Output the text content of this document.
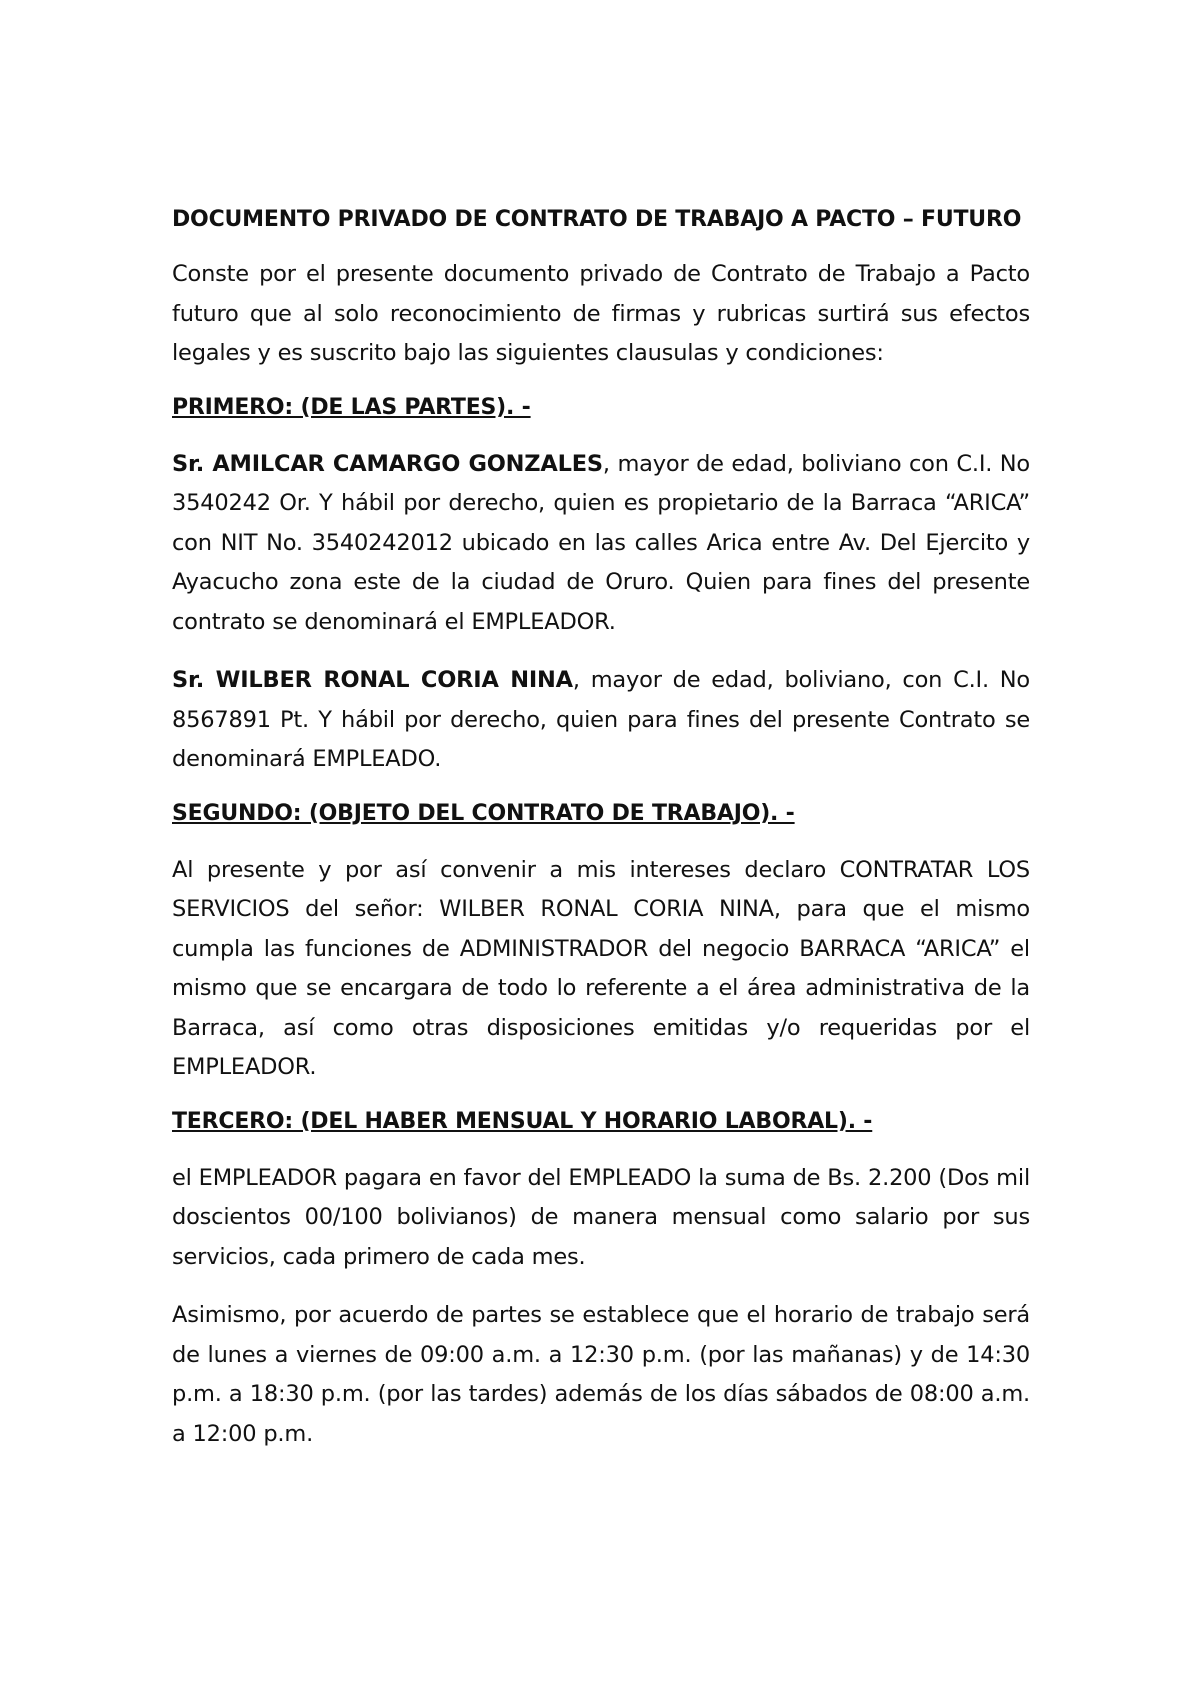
DOCUMENTO PRIVADO DE CONTRATO DE TRABAJO A PACTO – FUTURO

Conste por el presente documento privado de Contrato de Trabajo a Pacto futuro que al solo reconocimiento de firmas y rubricas surtirá sus efectos legales y es suscrito bajo las siguientes clausulas y condiciones:

PRIMERO: (DE LAS PARTES). -

Sr. AMILCAR CAMARGO GONZALES, mayor de edad, boliviano con C.I. No 3540242 Or. Y hábil por derecho, quien es propietario de la Barraca “ARICA” con NIT No. 3540242012 ubicado en las calles Arica entre Av. Del Ejercito y Ayacucho zona este de la ciudad de Oruro. Quien para fines del presente contrato se denominará el EMPLEADOR.

Sr. WILBER RONAL CORIA NINA, mayor de edad, boliviano, con C.I. No 8567891 Pt. Y hábil por derecho, quien para fines del presente Contrato se denominará EMPLEADO.

SEGUNDO: (OBJETO DEL CONTRATO DE TRABAJO). -

Al presente y por así convenir a mis intereses declaro CONTRATAR LOS SERVICIOS del señor: WILBER RONAL CORIA NINA, para que el mismo cumpla las funciones de ADMINISTRADOR del negocio BARRACA “ARICA” el mismo que se encargara de todo lo referente a el área administrativa de la Barraca, así como otras disposiciones emitidas y/o requeridas por el EMPLEADOR.

TERCERO: (DEL HABER MENSUAL Y HORARIO LABORAL). -

el EMPLEADOR pagara en favor del EMPLEADO la suma de Bs. 2.200 (Dos mil doscientos 00/100 bolivianos) de manera mensual como salario por sus servicios, cada primero de cada mes.

Asimismo, por acuerdo de partes se establece que el horario de trabajo será de lunes a viernes de 09:00 a.m. a 12:30 p.m. (por las mañanas) y de 14:30 p.m. a 18:30 p.m. (por las tardes) además de los días sábados de 08:00 a.m. a 12:00 p.m.
